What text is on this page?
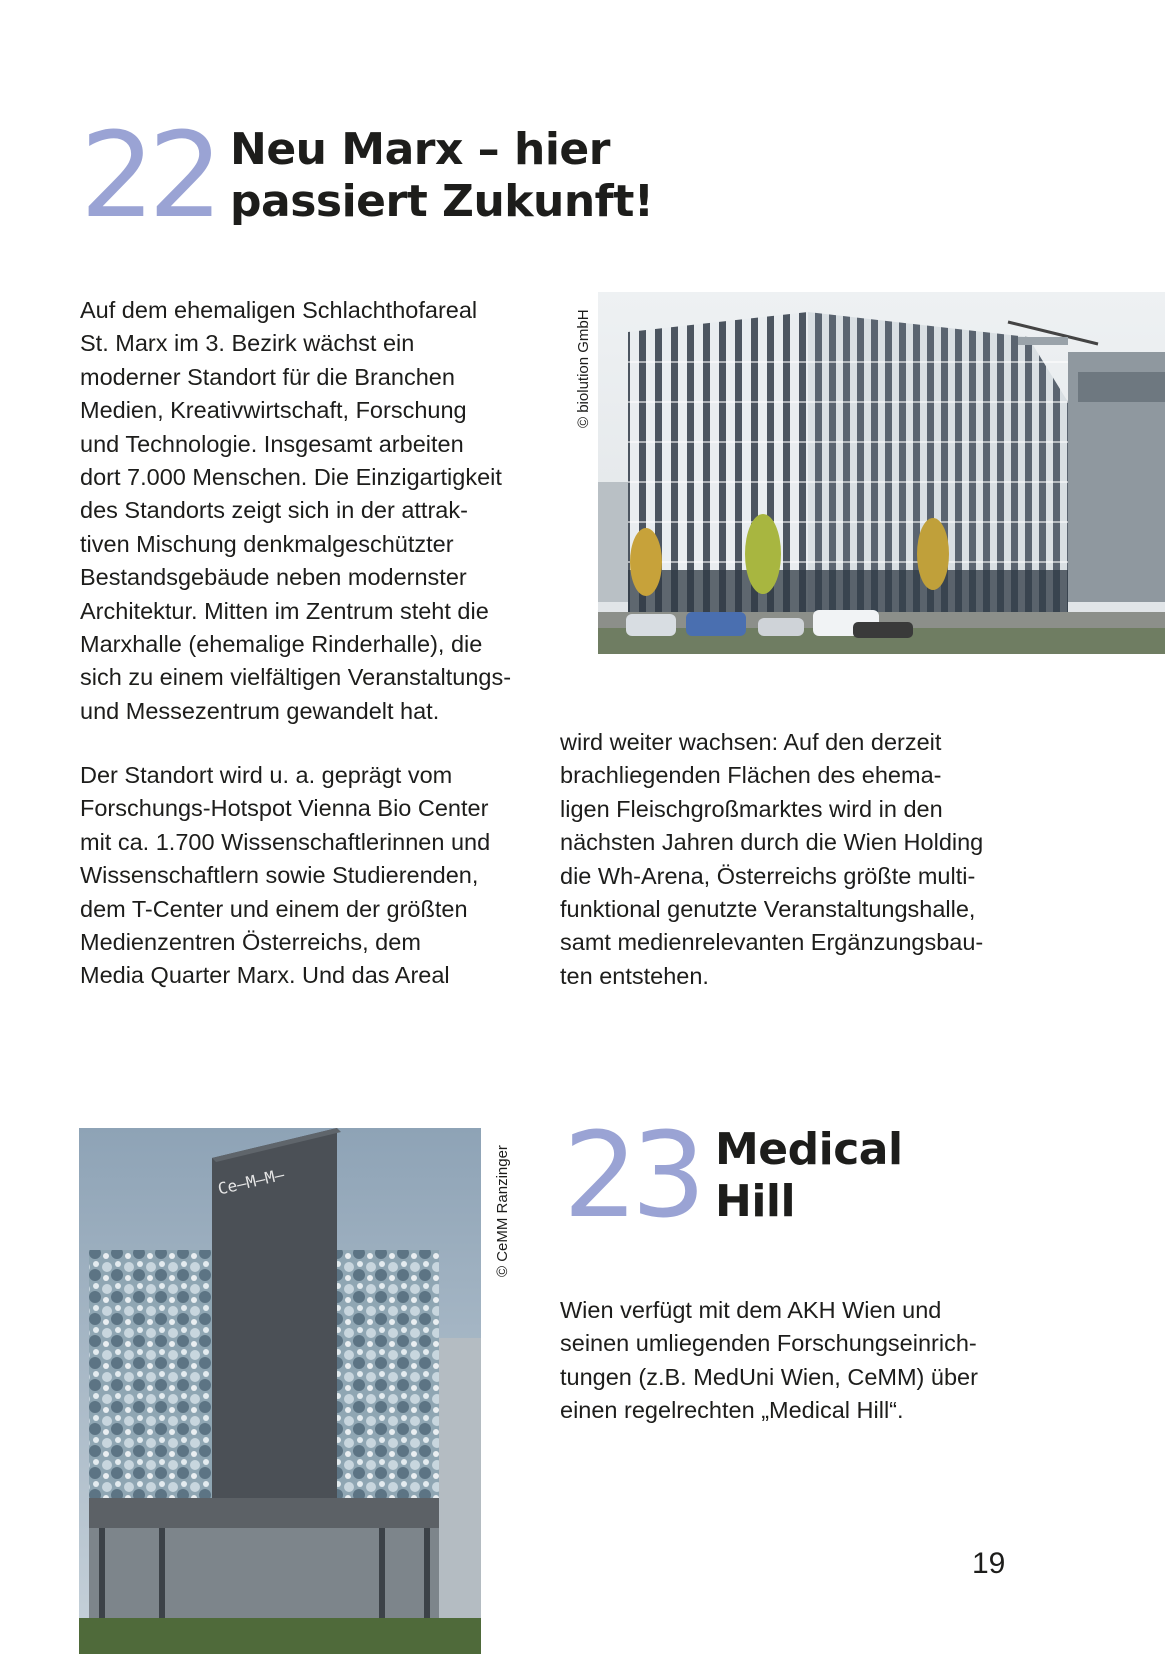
22 Neu Marx – hier
passiert Zukunft!
Auf dem ehemaligen Schlachthofareal
St. Marx im 3. Bezirk wächst ein
moderner Standort für die Branchen
Medien, Kreativwirtschaft, Forschung
und Technologie. Insgesamt arbeiten
dort 7.000 Menschen. Die Einzigartigkeit
des Standorts zeigt sich in der attrak-
tiven Mischung denkmalgeschützter
Bestandsgebäude neben modernster
Architektur. Mitten im Zentrum steht die
Marxhalle (ehemalige Rinderhalle), die
sich zu einem vielfältigen Veranstaltungs-
und Messezentrum gewandelt hat.
Der Standort wird u. a. geprägt vom
Forschungs-Hotspot Vienna Bio Center
mit ca. 1.700 Wissenschaftlerinnen und
Wissenschaftlern sowie Studierenden,
dem T-Center und einem der größten
Medienzentren Österreichs, dem
Media Quarter Marx. Und das Areal
wird weiter wachsen: Auf den derzeit
brachliegenden Flächen des ehema-
ligen Fleischgroßmarktes wird in den
nächsten Jahren durch die Wien Holding
die Wh-Arena, Österreichs größte multi-
funktional genutzte Veranstaltungshalle,
samt medienrelevanten Ergänzungsbau-
ten entstehen.
© biolution GmbH
Ce–M–M–	© CeMM Ranzinger 23 Medical
Hill
Wien verfügt mit dem AKH Wien und
seinen umliegenden Forschungseinrich-
tungen (z.B. MedUni Wien, CeMM) über
einen regelrechten „Medical Hill“.
19
